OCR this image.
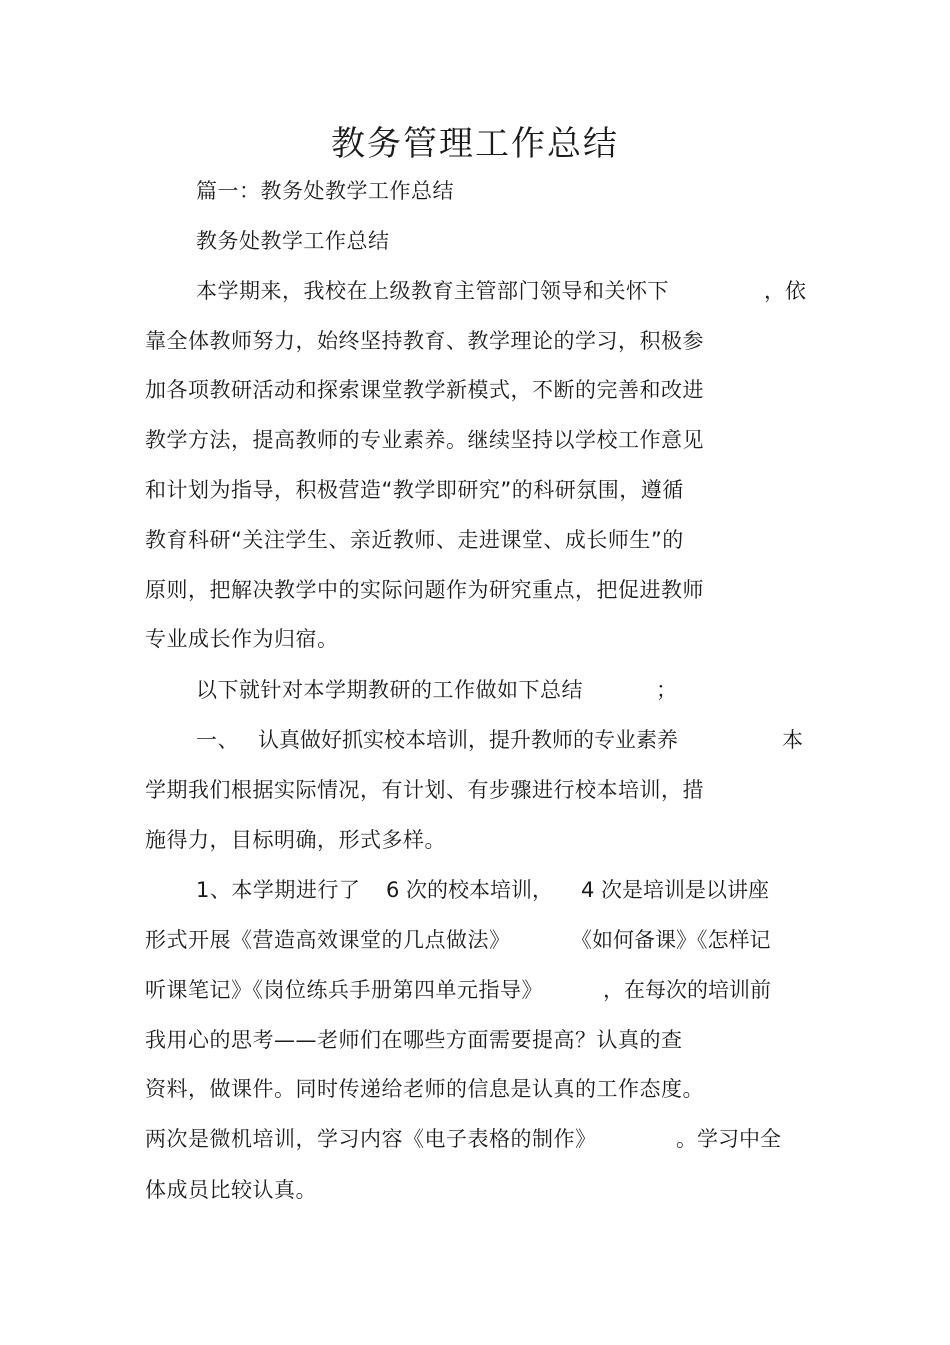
教务管理工作总结
篇一：教务处教学工作总结
教务处教学工作总结
本学期来，我校在上级教育主管部门领导和关怀下	，依
靠全体教师努力，始终坚持教育、教学理论的学习，积极参
加各项教研活动和探索课堂教学新模式，不断的完善和改进
教学方法，提高教师的专业素养。继续坚持以学校工作意见
和计划为指导，积极营造“教学即研究”的科研氛围，遵循
教育科研“关注学生、亲近教师、走进课堂、成长师生”的
原则，把解决教学中的实际问题作为研究重点，把促进教师
专业成长作为归宿。
以下就针对本学期教研的工作做如下总结	；
一、 认真做好抓实校本培训，提升教师的专业素养	本
学期我们根据实际情况，有计划、有步骤进行校本培训，措
施得力，目标明确，形式多样。
1、本学期进行了 6 次的校本培训， 4 次是培训是以讲座
形式开展《营造高效课堂的几点做法》	《如何备课》《怎样记
听课笔记》《岗位练兵手册第四单元指导》	，在每次的培训前
我用心的思考——老师们在哪些方面需要提高？认真的查
资料，做课件。同时传递给老师的信息是认真的工作态度。
两次是微机培训，学习内容《电子表格的制作》	。学习中全
体成员比较认真。
